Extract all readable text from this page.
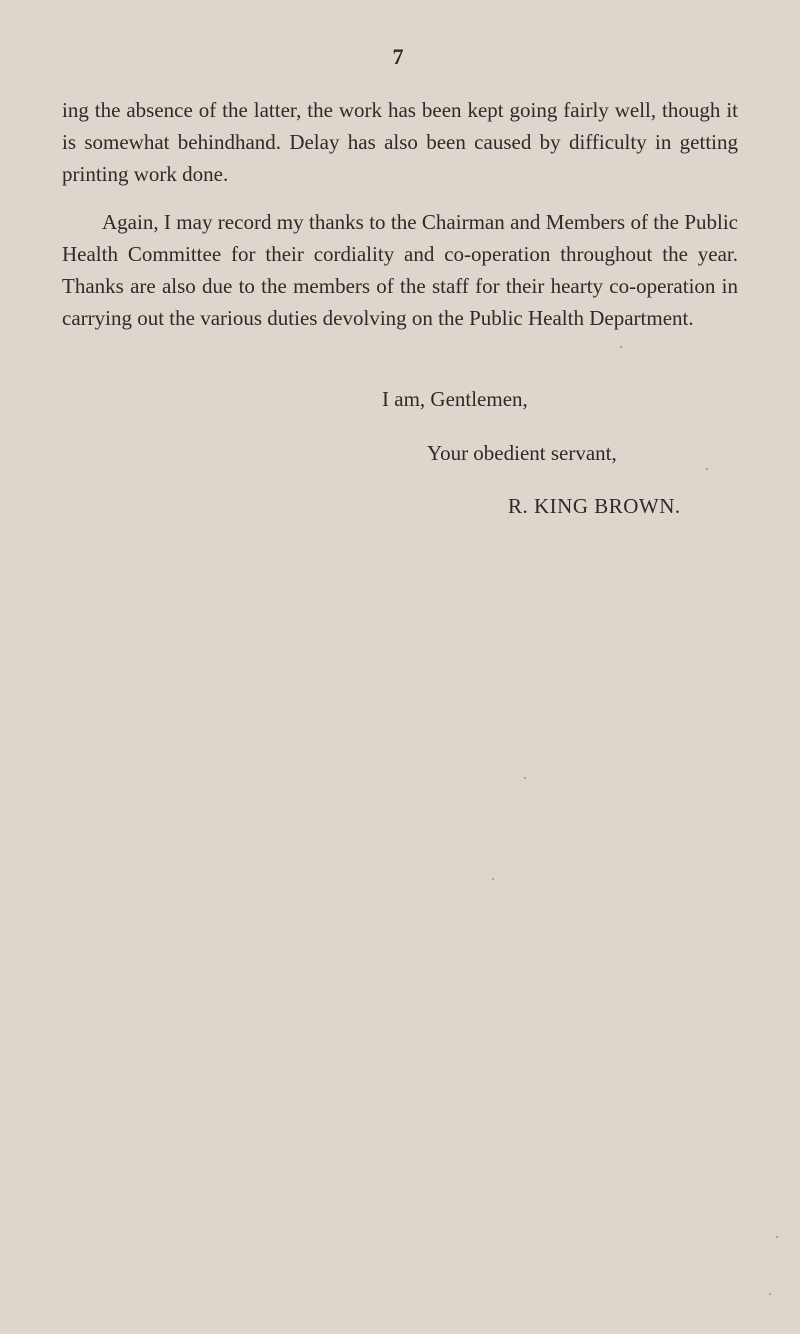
7

ing the absence of the latter, the work has been kept going fairly well, though it is somewhat behindhand. Delay has also been caused by difficulty in getting printing work done.

Again, I may record my thanks to the Chairman and Members of the Public Health Committee for their cordiality and co-operation throughout the year. Thanks are also due to the members of the staff for their hearty co-operation in carrying out the various duties devolving on the Public Health Department.

I am, Gentlemen,
Your obedient servant,
R. KING BROWN.
